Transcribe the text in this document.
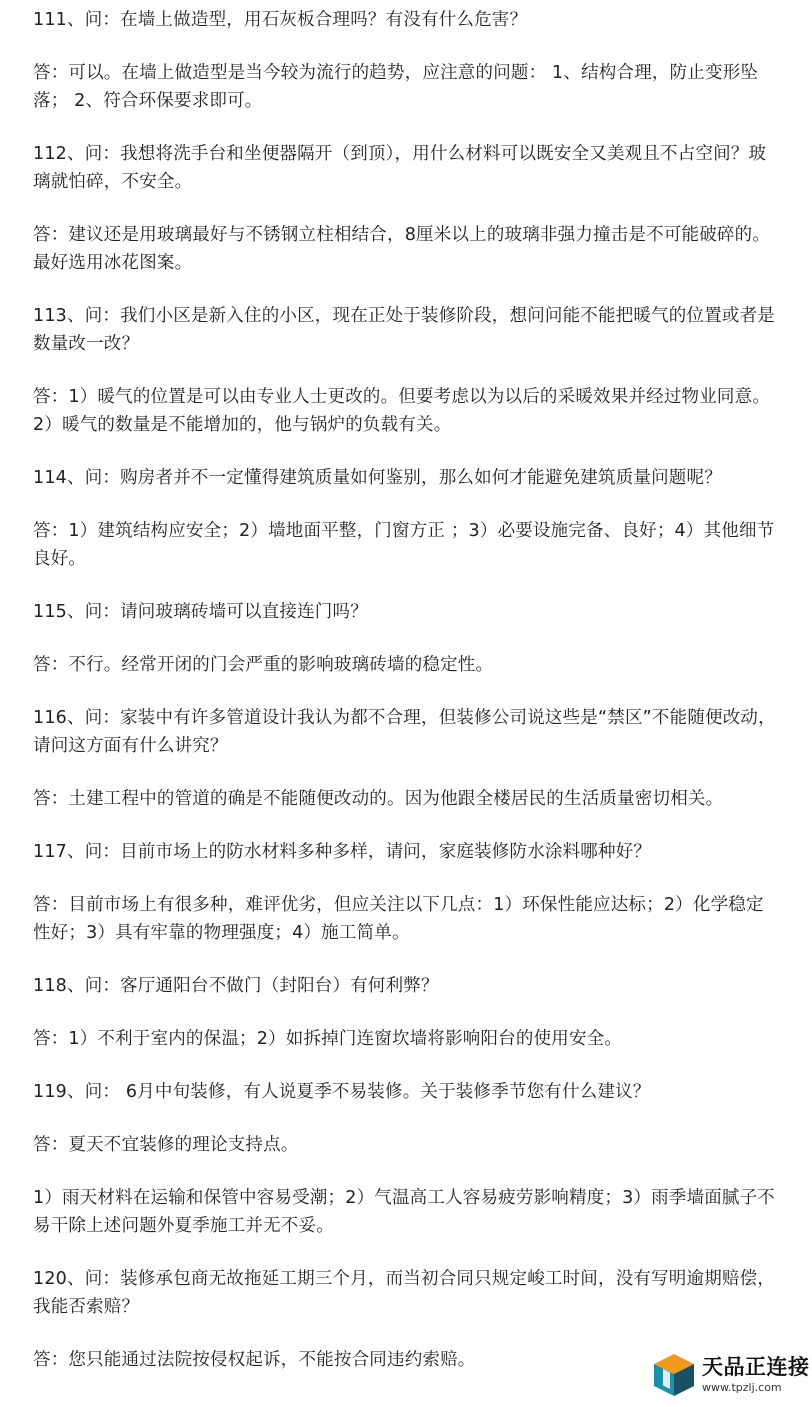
111、问：在墙上做造型，用石灰板合理吗？有没有什么危害？

答：可以。在墙上做造型是当今较为流行的趋势，应注意的问题： 1、结构合理，防止变形坠落； 2、符合环保要求即可。

112、问：我想将洗手台和坐便器隔开（到顶），用什么材料可以既安全又美观且不占空间？玻璃就怕碎，不安全。

答：建议还是用玻璃最好与不锈钢立柱相结合，8厘米以上的玻璃非强力撞击是不可能破碎的。最好选用冰花图案。

113、问：我们小区是新入住的小区，现在正处于装修阶段，想问问能不能把暖气的位置或者是数量改一改？

答：1）暖气的位置是可以由专业人士更改的。但要考虑以为以后的采暖效果并经过物业同意。 2）暖气的数量是不能增加的，他与锅炉的负载有关。

114、问：购房者并不一定懂得建筑质量如何鉴别，那么如何才能避免建筑质量问题呢？

答：1）建筑结构应安全；2）墙地面平整，门窗方正 ；3）必要设施完备、良好；4）其他细节良好。

115、问：请问玻璃砖墙可以直接连门吗？

答：不行。经常开闭的门会严重的影响玻璃砖墙的稳定性。

116、问：家装中有许多管道设计我认为都不合理，但装修公司说这些是“禁区”不能随便改动，请问这方面有什么讲究？

答：土建工程中的管道的确是不能随便改动的。因为他跟全楼居民的生活质量密切相关。

117、问：目前市场上的防水材料多种多样，请问，家庭装修防水涂料哪种好？

答：目前市场上有很多种，难评优劣，但应关注以下几点：1）环保性能应达标；2）化学稳定性好；3）具有牢靠的物理强度；4）施工简单。

118、问：客厅通阳台不做门（封阳台）有何利弊？

答：1）不利于室内的保温；2）如拆掉门连窗坎墙将影响阳台的使用安全。

119、问： 6月中旬装修，有人说夏季不易装修。关于装修季节您有什么建议？

答：夏天不宜装修的理论支持点。

1）雨天材料在运输和保管中容易受潮；2）气温高工人容易疲劳影响精度；3）雨季墙面腻子不易干除上述问题外夏季施工并无不妥。

120、问：装修承包商无故拖延工期三个月，而当初合同只规定峻工时间，没有写明逾期赔偿，我能否索赔？

答：您只能通过法院按侵权起诉，不能按合同违约索赔。	天品正连接
www.tpzlj.com
